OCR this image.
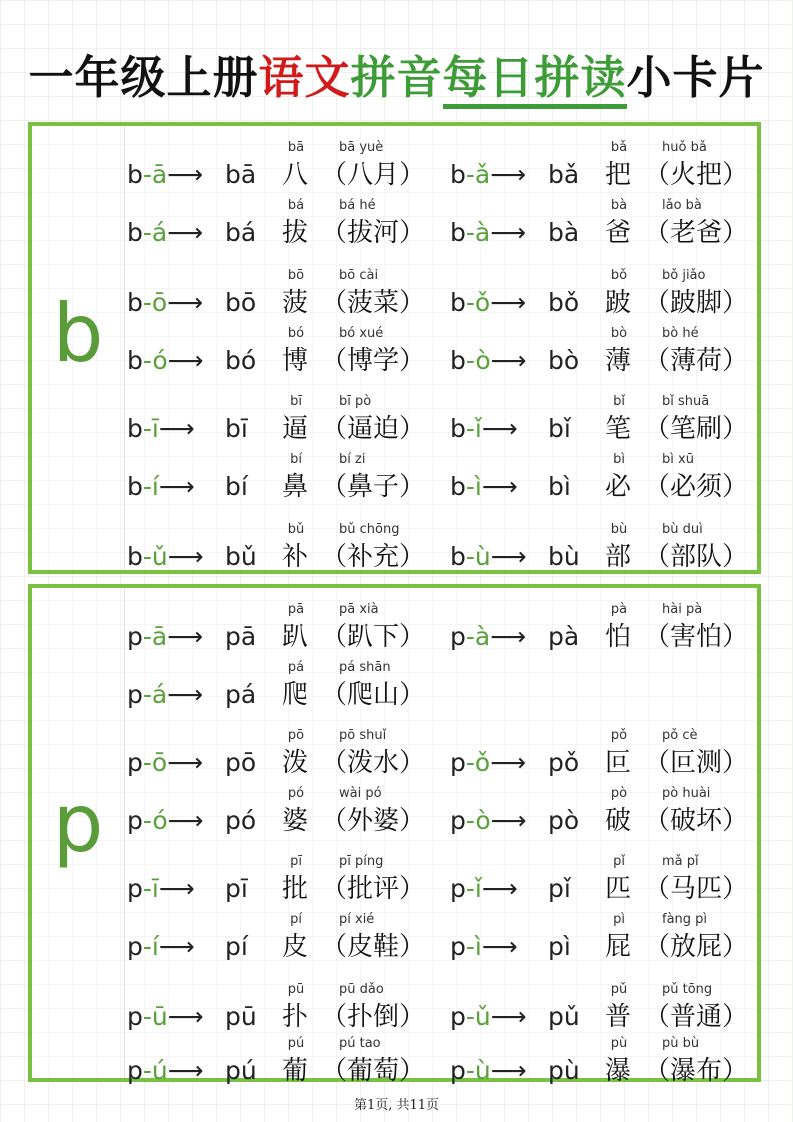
一年级上册语文拼音每日拼读小卡片
b
b-ā⟶ bā
bā
八
bā yuè
（八月） b-ǎ⟶ bǎ
bǎ
把
huǒ bǎ
（火把）
b-á⟶ bá
bá
拔
bá hé
（拔河） b-à⟶ bà
bà
爸
lǎo bà
（老爸）
b-ō⟶ bō
bō
菠
bō cài
（菠菜） b-ǒ⟶ bǒ
bǒ
跛
bǒ jiǎo
（跛脚）
b-ó⟶ bó
bó
博
bó xué
（博学） b-ò⟶ bò
bò
薄
bò hé
（薄荷）
b-ī⟶ bī
bī
逼
bī pò
（逼迫） b-ǐ⟶ bǐ
bǐ
笔
bǐ shuā
（笔刷）
b-í⟶ bí
bí
鼻
bí zi
（鼻子） b-ì⟶ bì
bì
必
bì xū
（必须）
b-ǔ⟶ bǔ
bǔ
补
bǔ chōng
（补充） b-ù⟶ bù
bù
部
bù duì
（部队）
p
p-ā⟶ pā
pā
趴
pā xià
（趴下） p-à⟶ pà
pà
怕
hài pà
（害怕）
p-á⟶ pá
pá
爬
pá shān
（爬山）
p-ō⟶ pō
pō
泼
pō shuǐ
（泼水） p-ǒ⟶ pǒ
pǒ
叵
pǒ cè
（叵测）
p-ó⟶ pó
pó
婆
wài pó
（外婆） p-ò⟶ pò
pò
破
pò huài
（破坏）
p-ī⟶ pī
pī
批
pī píng
（批评） p-ǐ⟶ pǐ
pǐ
匹
mǎ pǐ
（马匹）
p-í⟶ pí
pí
皮
pí xié
（皮鞋） p-ì⟶ pì
pì
屁
fàng pì
（放屁）
p-ū⟶ pū
pū
扑
pū dǎo
（扑倒） p-ǔ⟶ pǔ
pǔ
普
pǔ tōng
（普通）
p-ú⟶ pú
pú
葡
pú tao
（葡萄） p-ù⟶ pù
pù
瀑
pù bù
（瀑布）
第1页, 共11页
